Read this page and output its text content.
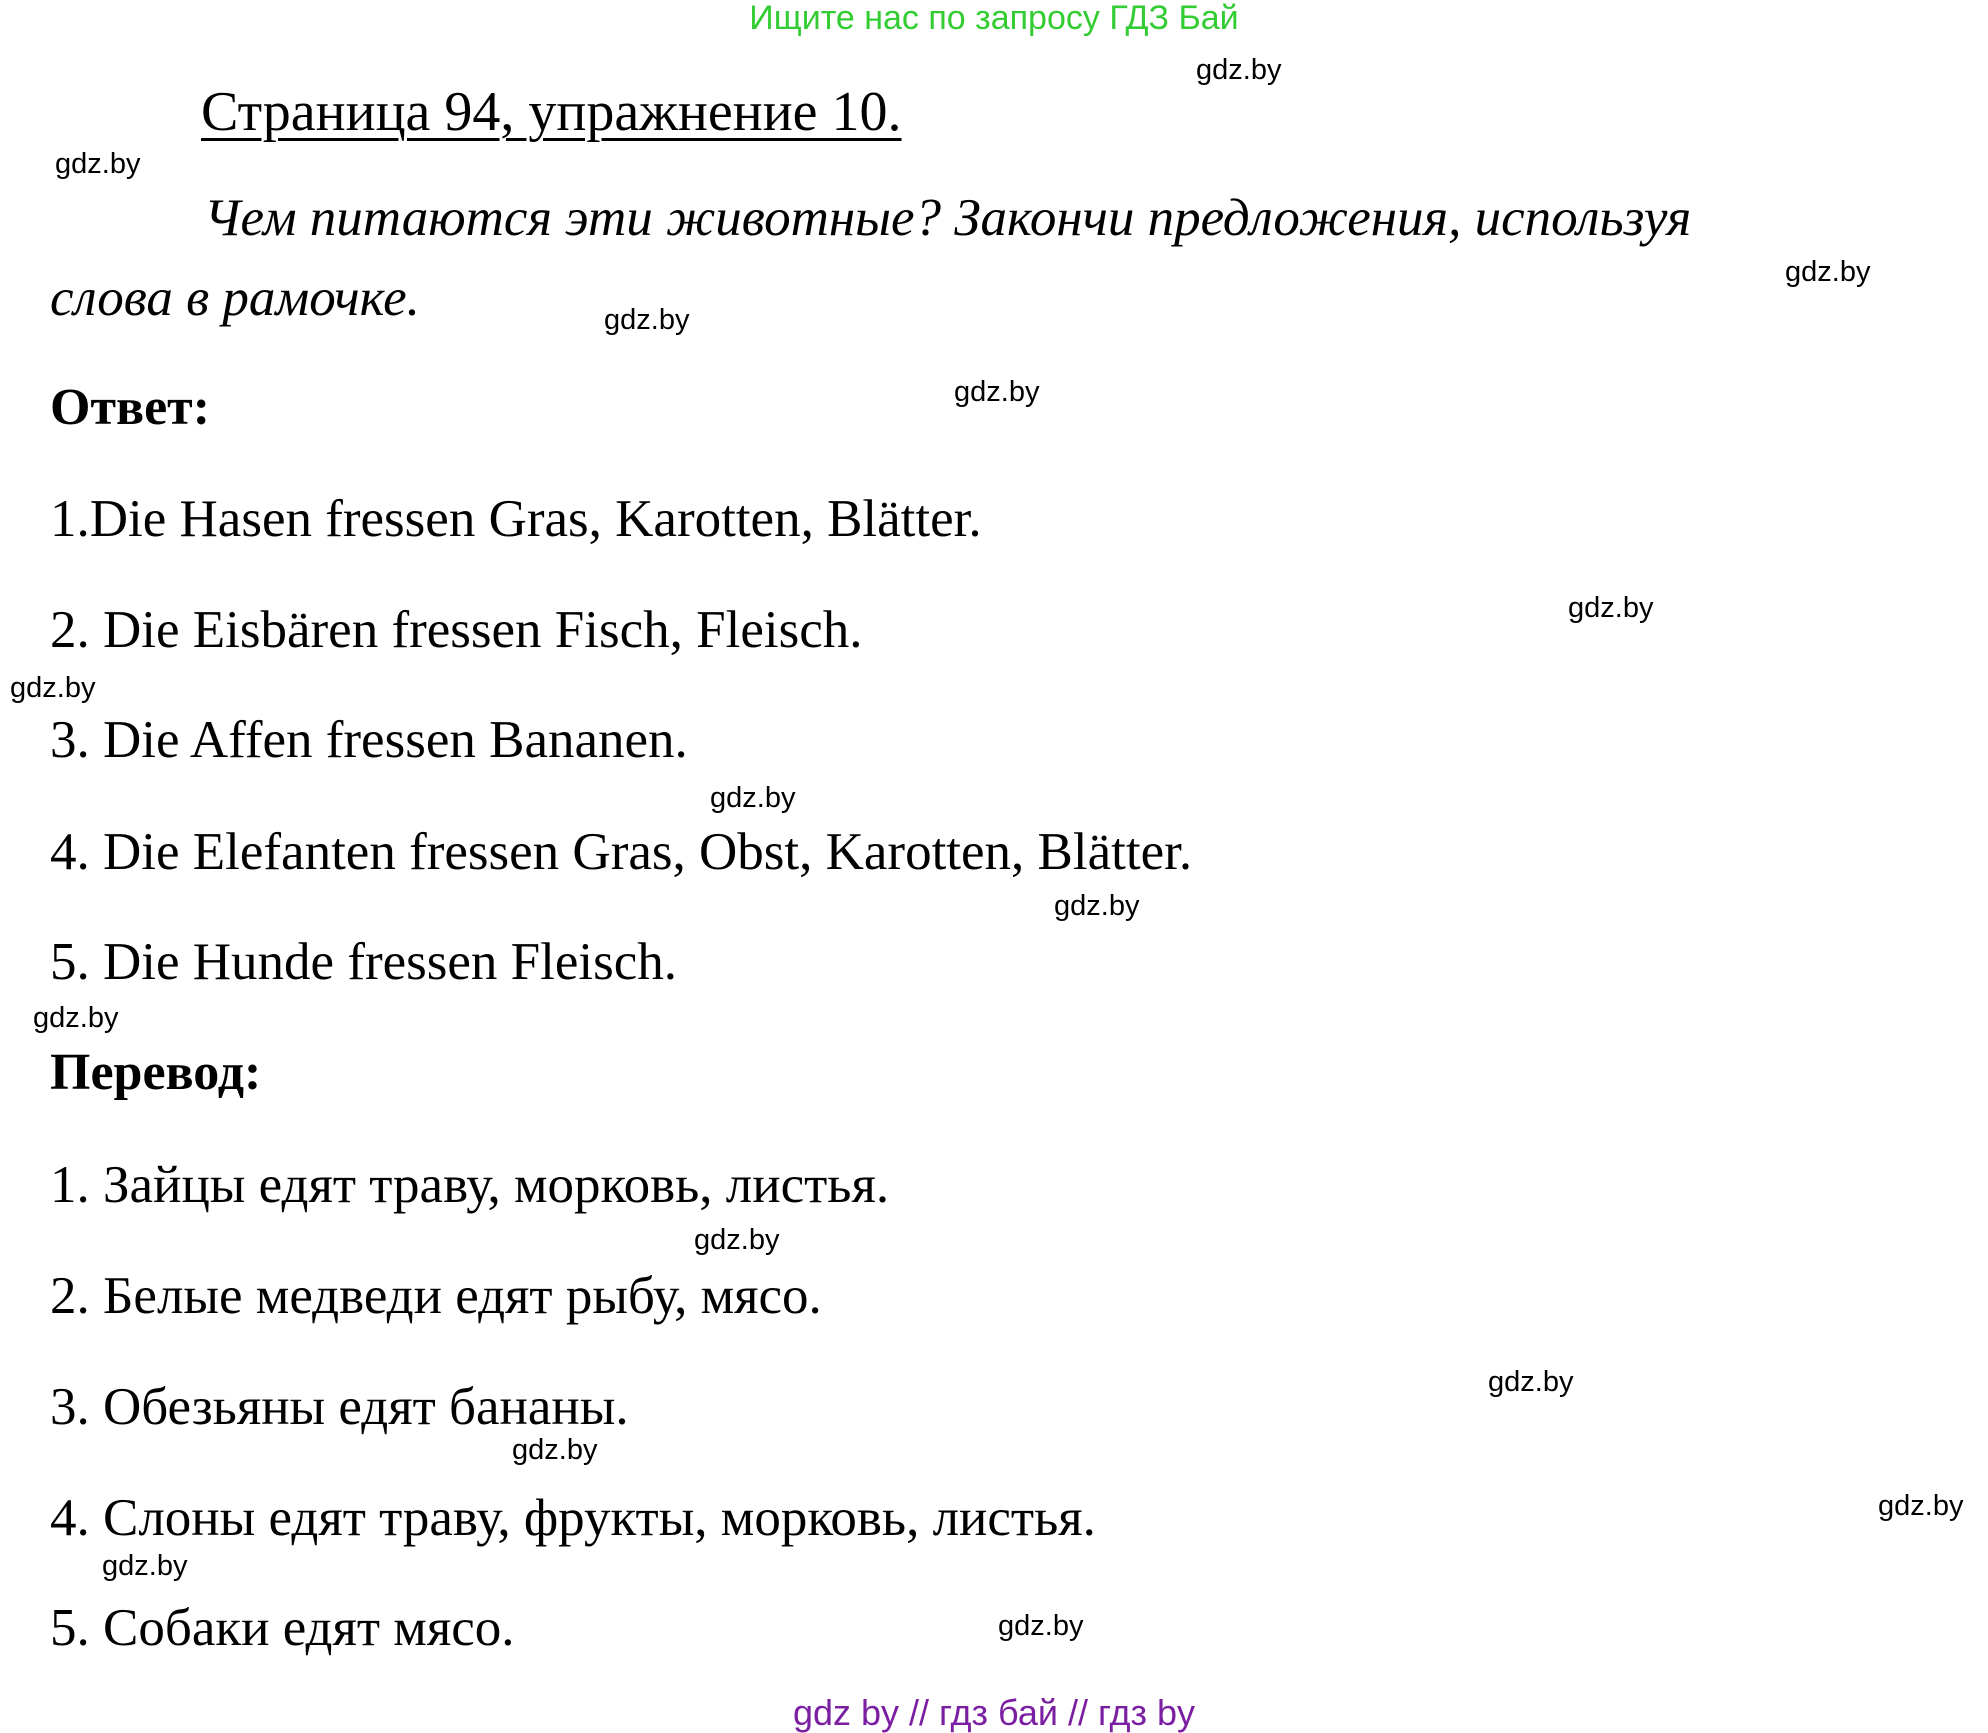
Ищите нас по запросу ГДЗ Бай
Страница 94, упражнение 10.
Чем питаются эти животные? Закончи предложения, используя
слова в рамочке.
Ответ:
1.Die Hasen fressen Gras, Karotten, Blätter.
2. Die Eisbären fressen Fisch, Fleisch.
3. Die Affen fressen Bananen.
4. Die Elefanten fressen Gras, Obst, Karotten, Blätter.
5. Die Hunde fressen Fleisch.
Перевод:
1. Зайцы едят траву, морковь, листья.
2. Белые медведи едят рыбу, мясо.
3. Обезьяны едят бананы.
4. Слоны едят траву, фрукты, морковь, листья.
5. Собаки едят мясо.
gdz.by
gdz.by
gdz.by
gdz.by
gdz.by
gdz.by
gdz.by
gdz.by
gdz.by
gdz.by
gdz.by
gdz.by
gdz.by
gdz.by
gdz.by
gdz.by
gdz by // гдз бай // гдз by
